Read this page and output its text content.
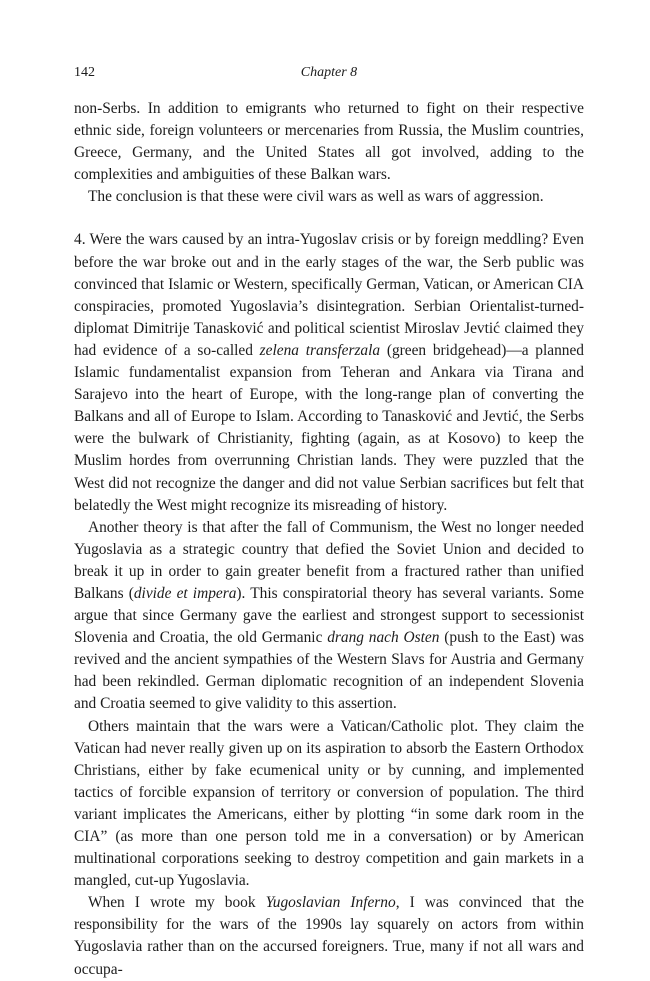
142	Chapter 8

non-Serbs. In addition to emigrants who returned to fight on their respective ethnic side, foreign volunteers or mercenaries from Russia, the Muslim countries, Greece, Germany, and the United States all got involved, adding to the complexities and ambiguities of these Balkan wars.

The conclusion is that these were civil wars as well as wars of aggression.

4. Were the wars caused by an intra-Yugoslav crisis or by foreign meddling? Even before the war broke out and in the early stages of the war, the Serb public was convinced that Islamic or Western, specifically German, Vatican, or American CIA conspiracies, promoted Yugoslavia’s disintegration. Serbian Orientalist-turned-diplomat Dimitrije Tanasković and political scientist Miroslav Jevtić claimed they had evidence of a so-called zelena transferzala (green bridgehead)—a planned Islamic fundamentalist expansion from Teheran and Ankara via Tirana and Sarajevo into the heart of Europe, with the long-range plan of converting the Balkans and all of Europe to Islam. According to Tanasković and Jevtić, the Serbs were the bulwark of Christianity, fighting (again, as at Kosovo) to keep the Muslim hordes from overrunning Christian lands. They were puzzled that the West did not recognize the danger and did not value Serbian sacrifices but felt that belatedly the West might recognize its misreading of history.

Another theory is that after the fall of Communism, the West no longer needed Yugoslavia as a strategic country that defied the Soviet Union and decided to break it up in order to gain greater benefit from a fractured rather than unified Balkans (divide et impera). This conspiratorial theory has several variants. Some argue that since Germany gave the earliest and strongest support to secessionist Slovenia and Croatia, the old Germanic drang nach Osten (push to the East) was revived and the ancient sympathies of the Western Slavs for Austria and Germany had been rekindled. German diplomatic recognition of an independent Slovenia and Croatia seemed to give validity to this assertion.

Others maintain that the wars were a Vatican/Catholic plot. They claim the Vatican had never really given up on its aspiration to absorb the Eastern Orthodox Christians, either by fake ecumenical unity or by cunning, and implemented tactics of forcible expansion of territory or conversion of population. The third variant implicates the Americans, either by plotting “in some dark room in the CIA” (as more than one person told me in a conversation) or by American multinational corporations seeking to destroy competition and gain markets in a mangled, cut-up Yugoslavia.

When I wrote my book Yugoslavian Inferno, I was convinced that the responsibility for the wars of the 1990s lay squarely on actors from within Yugoslavia rather than on the accursed foreigners. True, many if not all wars and occupa-
